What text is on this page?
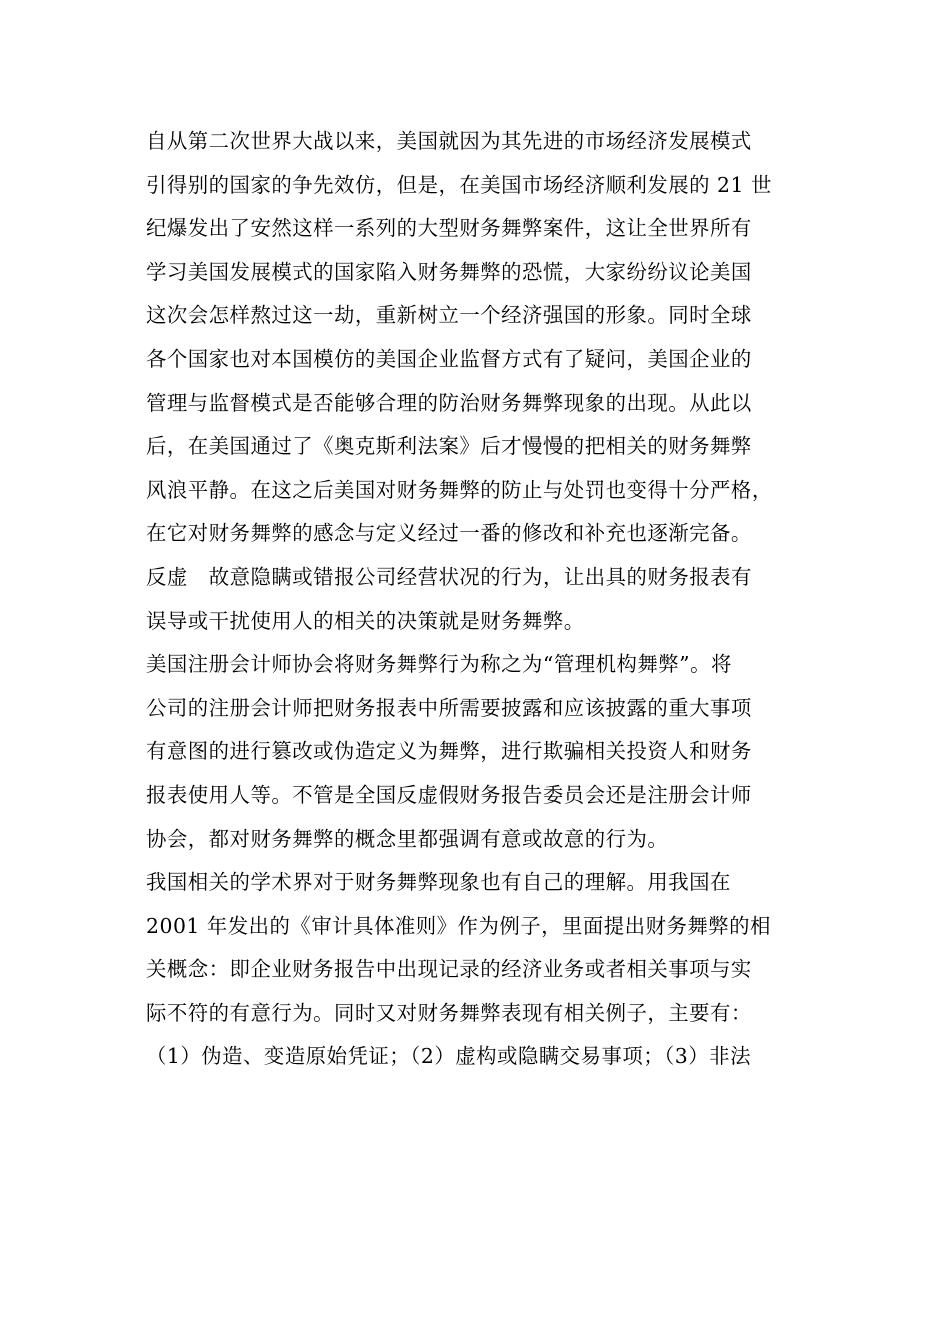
自从第二次世界大战以来，美国就因为其先进的市场经济发展模式
引得别的国家的争先效仿，但是，在美国市场经济顺利发展的 21 世
纪爆发出了安然这样一系列的大型财务舞弊案件，这让全世界所有
学习美国发展模式的国家陷入财务舞弊的恐慌，大家纷纷议论美国
这次会怎样熬过这一劫，重新树立一个经济强国的形象。同时全球
各个国家也对本国模仿的美国企业监督方式有了疑问，美国企业的
管理与监督模式是否能够合理的防治财务舞弊现象的出现。从此以
后，在美国通过了《奥克斯利法案》后才慢慢的把相关的财务舞弊
风浪平静。在这之后美国对财务舞弊的防止与处罚也变得十分严格，
在它对财务舞弊的感念与定义经过一番的修改和补充也逐渐完备。
反虚   故意隐瞒或错报公司经营状况的行为，让出具的财务报表有
误导或干扰使用人的相关的决策就是财务舞弊。
美国注册会计师协会将财务舞弊行为称之为“管理机构舞弊”。将
公司的注册会计师把财务报表中所需要披露和应该披露的重大事项
有意图的进行篡改或伪造定义为舞弊，进行欺骗相关投资人和财务
报表使用人等。不管是全国反虚假财务报告委员会还是注册会计师
协会，都对财务舞弊的概念里都强调有意或故意的行为。
我国相关的学术界对于财务舞弊现象也有自己的理解。用我国在
2001 年发出的《审计具体准则》作为例子，里面提出财务舞弊的相
关概念：即企业财务报告中出现记录的经济业务或者相关事项与实
际不符的有意行为。同时又对财务舞弊表现有相关例子，主要有：
（1）伪造、变造原始凭证；（2）虚构或隐瞒交易事项；（3）非法
